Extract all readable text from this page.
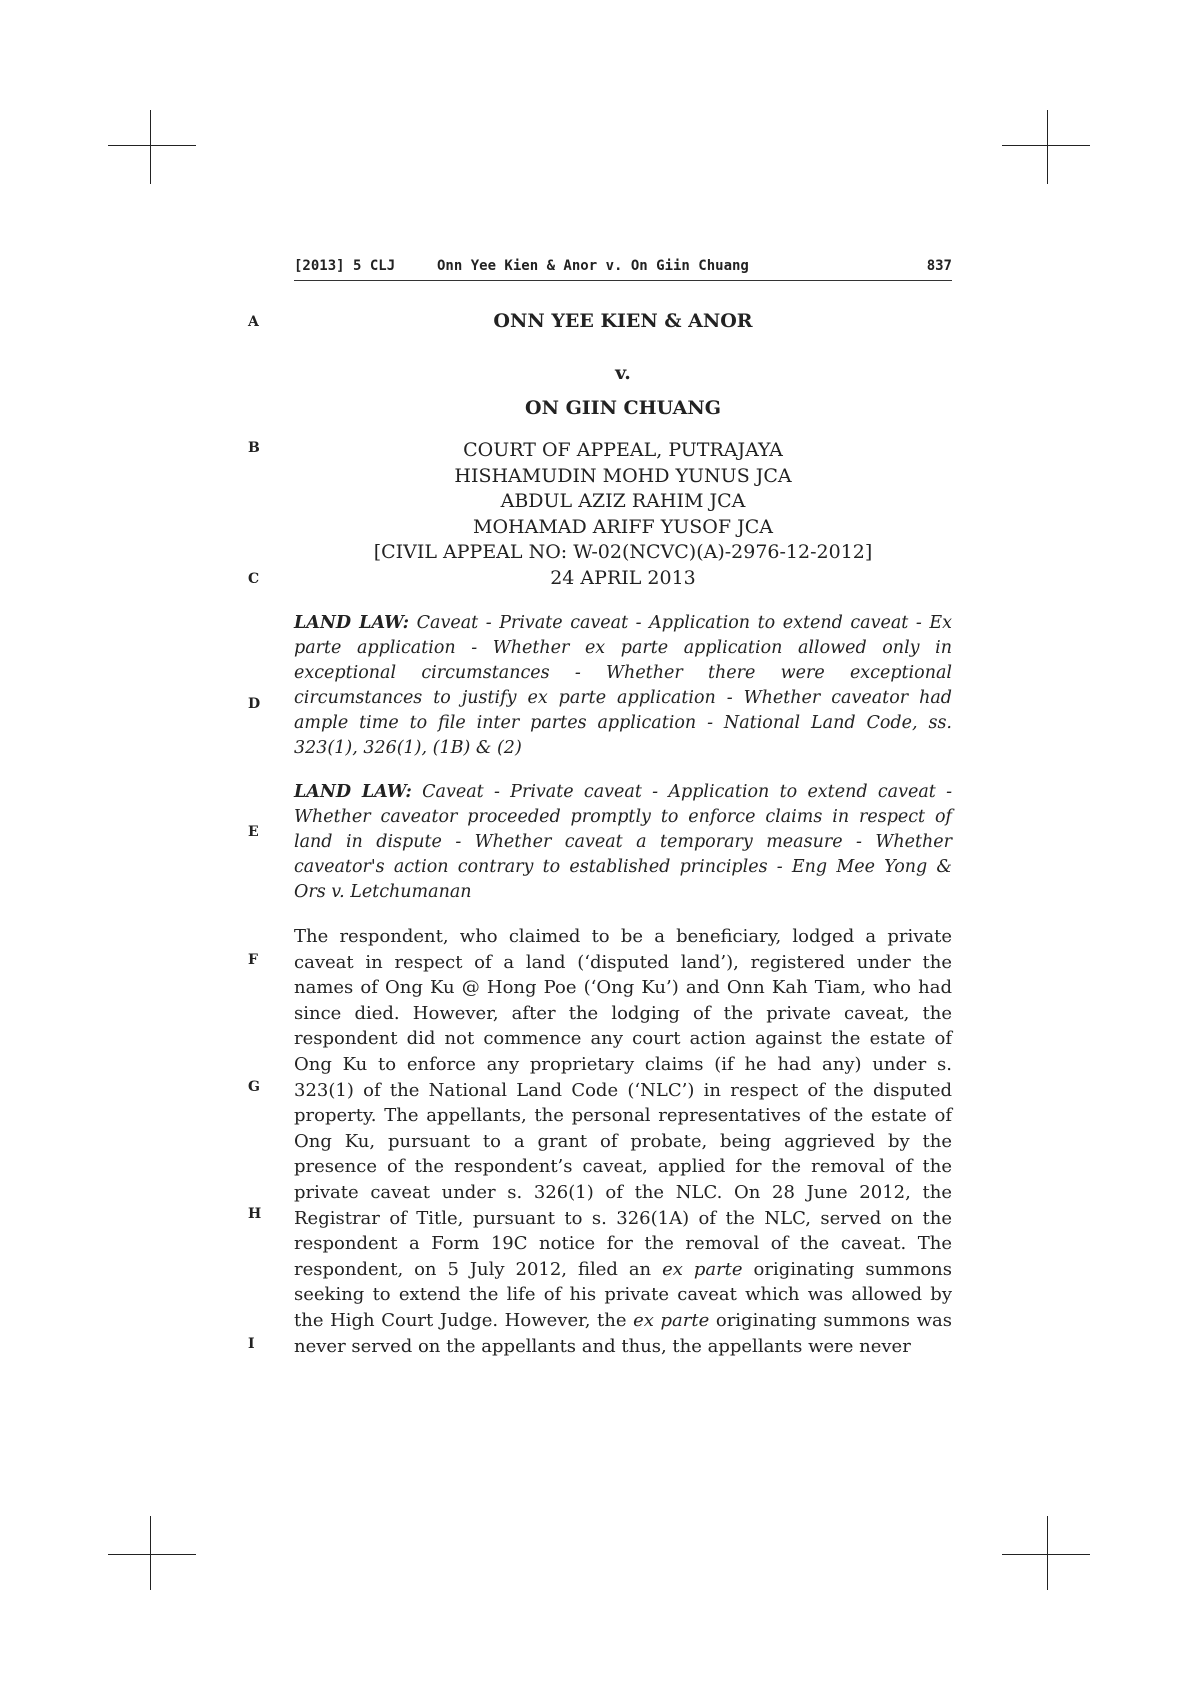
[2013] 5 CLJ	Onn Yee Kien & Anor v. On Giin Chuang	837
A
B
C
D
E
F
G
H
I
ONN YEE KIEN & ANOR
v.
ON GIIN CHUANG
COURT OF APPEAL, PUTRAJAYA
HISHAMUDIN MOHD YUNUS JCA
ABDUL AZIZ RAHIM JCA
MOHAMAD ARIFF YUSOF JCA
[CIVIL APPEAL NO: W-02(NCVC)(A)-2976-12-2012]
24 APRIL 2013
LAND LAW: Caveat - Private caveat - Application to extend caveat - Ex parte application - Whether ex parte application allowed only in exceptional circumstances - Whether there were exceptional circumstances to justify ex parte application - Whether caveator had ample time to file inter partes application - National Land Code, ss. 323(1), 326(1), (1B) & (2)
LAND LAW: Caveat - Private caveat - Application to extend caveat - Whether caveator proceeded promptly to enforce claims in respect of land in dispute - Whether caveat a temporary measure - Whether caveator's action contrary to established principles - Eng Mee Yong & Ors v. Letchumanan
The respondent, who claimed to be a beneficiary, lodged a private caveat in respect of a land (‘disputed land’), registered under the names of Ong Ku @ Hong Poe (‘Ong Ku’) and Onn Kah Tiam, who had since died. However, after the lodging of the private caveat, the respondent did not commence any court action against the estate of Ong Ku to enforce any proprietary claims (if he had any) under s. 323(1) of the National Land Code (‘NLC’) in respect of the disputed property. The appellants, the personal representatives of the estate of Ong Ku, pursuant to a grant of probate, being aggrieved by the presence of the respondent’s caveat, applied for the removal of the private caveat under s. 326(1) of the NLC. On 28 June 2012, the Registrar of Title, pursuant to s. 326(1A) of the NLC, served on the respondent a Form 19C notice for the removal of the caveat. The respondent, on 5 July 2012, filed an ex parte originating summons seeking to extend the life of his private caveat which was allowed by the High Court Judge. However, the ex parte originating summons was never served on the appellants and thus, the appellants were never
